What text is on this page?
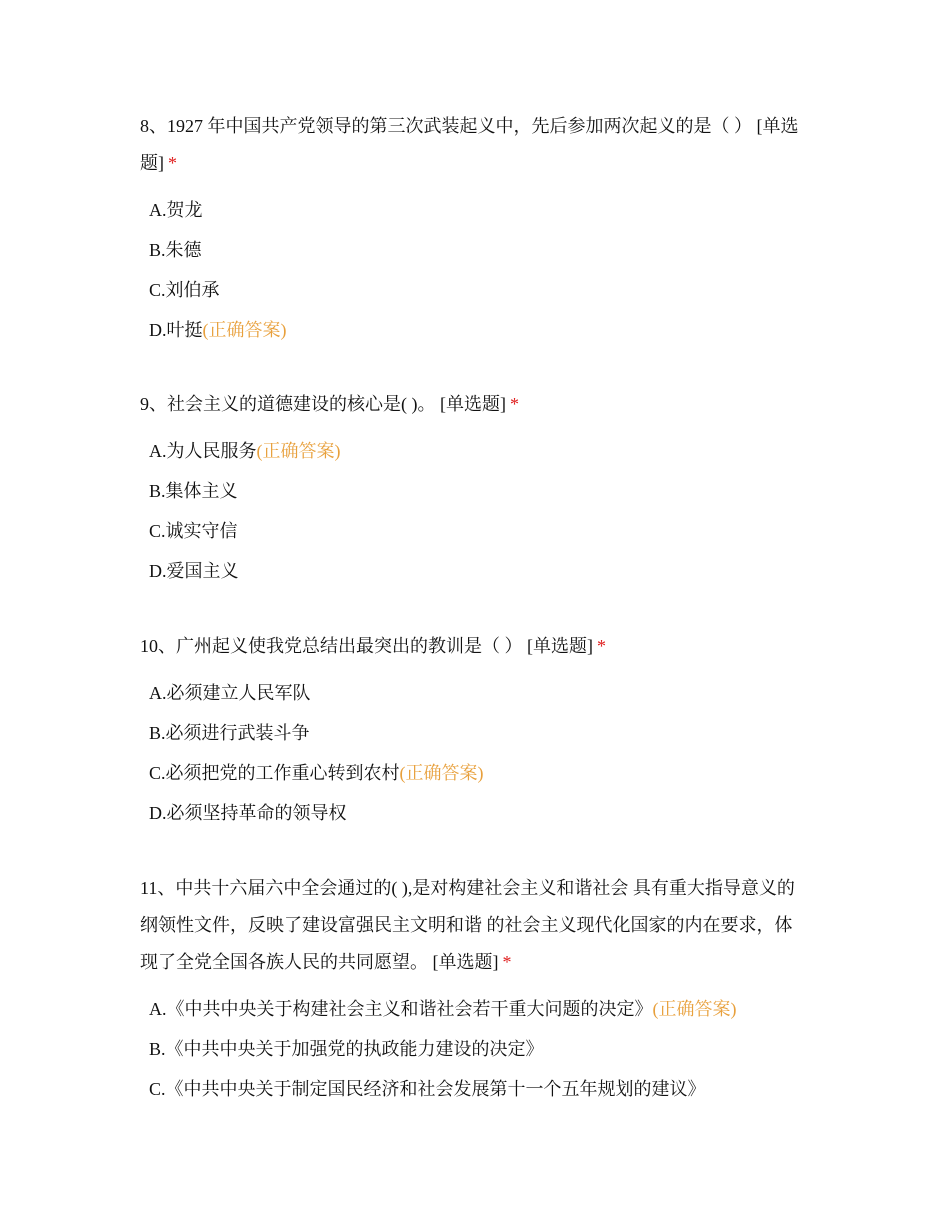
8、1927 年中国共产党领导的第三次武装起义中，先后参加两次起义的是（ ） [单选题] *

A.贺龙
B.朱德
C.刘伯承
D.叶挺(正确答案)

9、社会主义的道德建设的核心是( )。 [单选题] *

A.为人民服务(正确答案)
B.集体主义
C.诚实守信
D.爱国主义

10、广州起义使我党总结出最突出的教训是（ ） [单选题] *

A.必须建立人民军队
B.必须进行武装斗争
C.必须把党的工作重心转到农村(正确答案)
D.必须坚持革命的领导权

11、中共十六届六中全会通过的( ),是对构建社会主义和谐社会 具有重大指导意义的纲领性文件，反映了建设富强民主文明和谐 的社会主义现代化国家的内在要求，体现了全党全国各族人民的共同愿望。 [单选题] *

A.《中共中央关于构建社会主义和谐社会若干重大问题的决定》(正确答案)
B.《中共中央关于加强党的执政能力建设的决定》
C.《中共中央关于制定国民经济和社会发展第十一个五年规划的建议》
